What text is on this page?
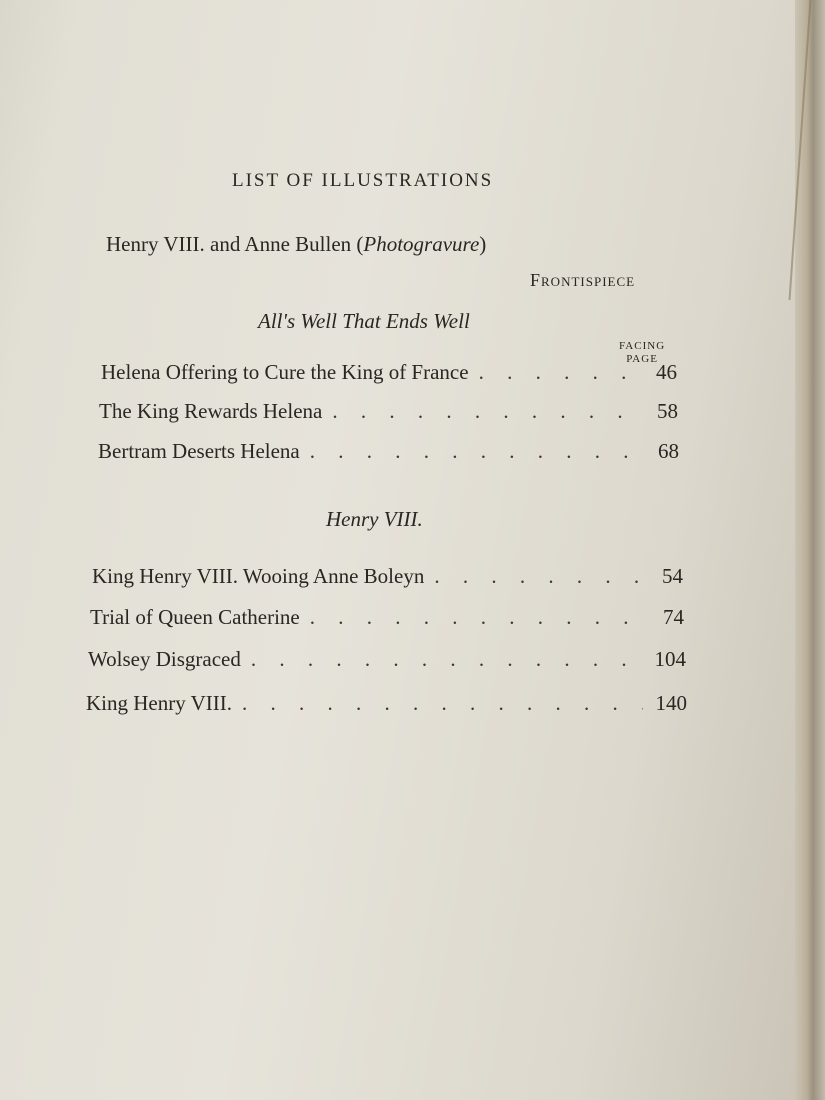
LIST OF ILLUSTRATIONS
Henry VIII. and Anne Bullen (Photogravure)
Frontispiece
All's Well That Ends Well
FACING
PAGE
Helena Offering to Cure the King of France . . .	46
The King Rewards Helena . . .	58
Bertram Deserts Helena . . .	68
Henry VIII.
King Henry VIII. Wooing Anne Boleyn . . .	54
Trial of Queen Catherine . . .	74
Wolsey Disgraced . . .	104
King Henry VIII. . . .	140
